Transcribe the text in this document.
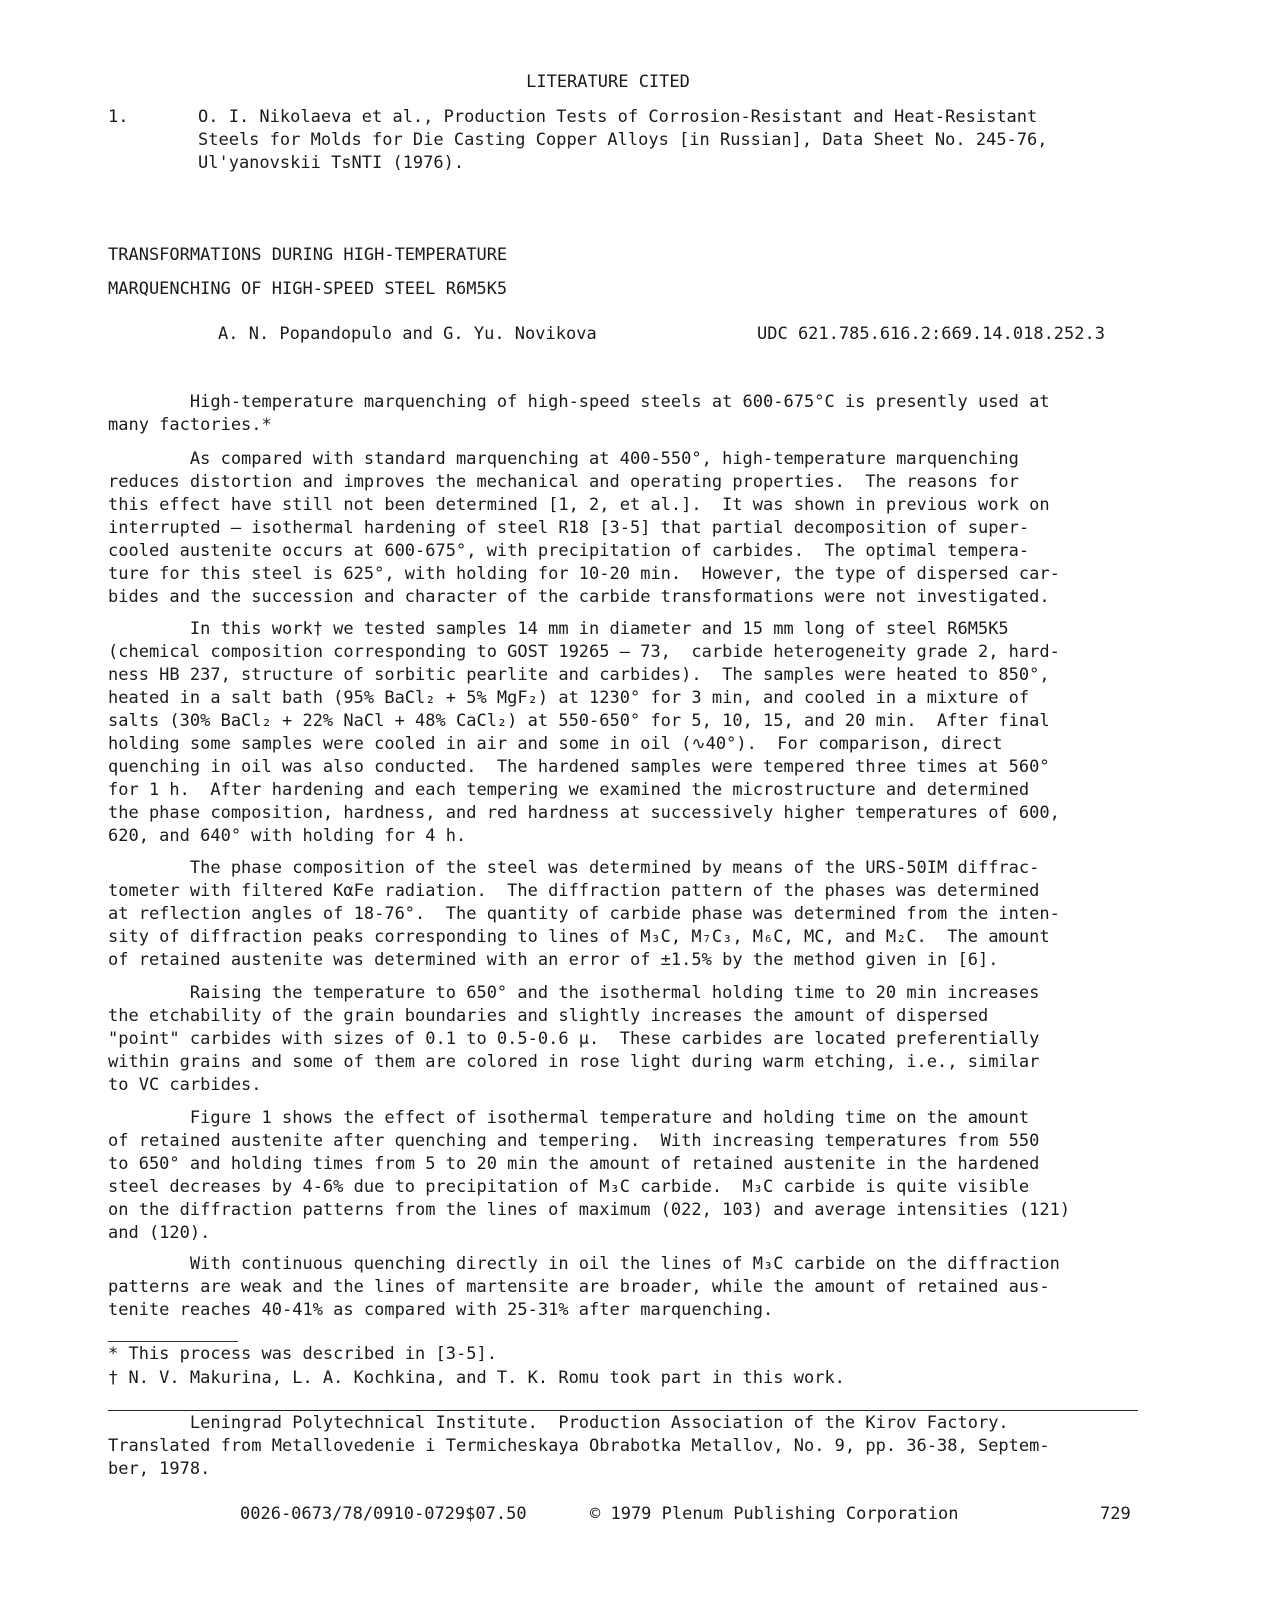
LITERATURE CITED
1.	O. I. Nikolaeva et al., Production Tests of Corrosion-Resistant and Heat-Resistant
Steels for Molds for Die Casting Copper Alloys [in Russian], Data Sheet No. 245-76,
Ul'yanovskii TsNTI (1976).
TRANSFORMATIONS DURING HIGH-TEMPERATURE
MARQUENCHING OF HIGH-SPEED STEEL R6M5K5
A. N. Popandopulo and G. Yu. Novikova	UDC 621.785.616.2:669.14.018.252.3
High-temperature marquenching of high-speed steels at 600-675°C is presently used at
many factories.*
As compared with standard marquenching at 400-550°, high-temperature marquenching
reduces distortion and improves the mechanical and operating properties.  The reasons for
this effect have still not been determined [1, 2, et al.].  It was shown in previous work on
interrupted — isothermal hardening of steel R18 [3-5] that partial decomposition of super-
cooled austenite occurs at 600-675°, with precipitation of carbides.  The optimal tempera-
ture for this steel is 625°, with holding for 10-20 min.  However, the type of dispersed car-
bides and the succession and character of the carbide transformations were not investigated.
In this work† we tested samples 14 mm in diameter and 15 mm long of steel R6M5K5
(chemical composition corresponding to GOST 19265 — 73,  carbide heterogeneity grade 2, hard-
ness HB 237, structure of sorbitic pearlite and carbides).  The samples were heated to 850°,
heated in a salt bath (95% BaCl₂ + 5% MgF₂) at 1230° for 3 min, and cooled in a mixture of
salts (30% BaCl₂ + 22% NaCl + 48% CaCl₂) at 550-650° for 5, 10, 15, and 20 min.  After final
holding some samples were cooled in air and some in oil (∿40°).  For comparison, direct
quenching in oil was also conducted.  The hardened samples were tempered three times at 560°
for 1 h.  After hardening and each tempering we examined the microstructure and determined
the phase composition, hardness, and red hardness at successively higher temperatures of 600,
620, and 640° with holding for 4 h.
The phase composition of the steel was determined by means of the URS-50IM diffrac-
tometer with filtered KαFe radiation.  The diffraction pattern of the phases was determined
at reflection angles of 18-76°.  The quantity of carbide phase was determined from the inten-
sity of diffraction peaks corresponding to lines of M₃C, M₇C₃, M₆C, MC, and M₂C.  The amount
of retained austenite was determined with an error of ±1.5% by the method given in [6].
Raising the temperature to 650° and the isothermal holding time to 20 min increases
the etchability of the grain boundaries and slightly increases the amount of dispersed
"point" carbides with sizes of 0.1 to 0.5-0.6 μ.  These carbides are located preferentially
within grains and some of them are colored in rose light during warm etching, i.e., similar
to VC carbides.
Figure 1 shows the effect of isothermal temperature and holding time on the amount
of retained austenite after quenching and tempering.  With increasing temperatures from 550
to 650° and holding times from 5 to 20 min the amount of retained austenite in the hardened
steel decreases by 4-6% due to precipitation of M₃C carbide.  M₃C carbide is quite visible
on the diffraction patterns from the lines of maximum (022, 103) and average intensities (121)
and (120).
With continuous quenching directly in oil the lines of M₃C carbide on the diffraction
patterns are weak and the lines of martensite are broader, while the amount of retained aus-
tenite reaches 40-41% as compared with 25-31% after marquenching.
* This process was described in [3-5].
† N. V. Makurina, L. A. Kochkina, and T. K. Romu took part in this work.
Leningrad Polytechnical Institute.  Production Association of the Kirov Factory.
Translated from Metallovedenie i Termicheskaya Obrabotka Metallov, No. 9, pp. 36-38, Septem-
ber, 1978.
0026-0673/78/0910-0729$07.50	© 1979 Plenum Publishing Corporation	729
